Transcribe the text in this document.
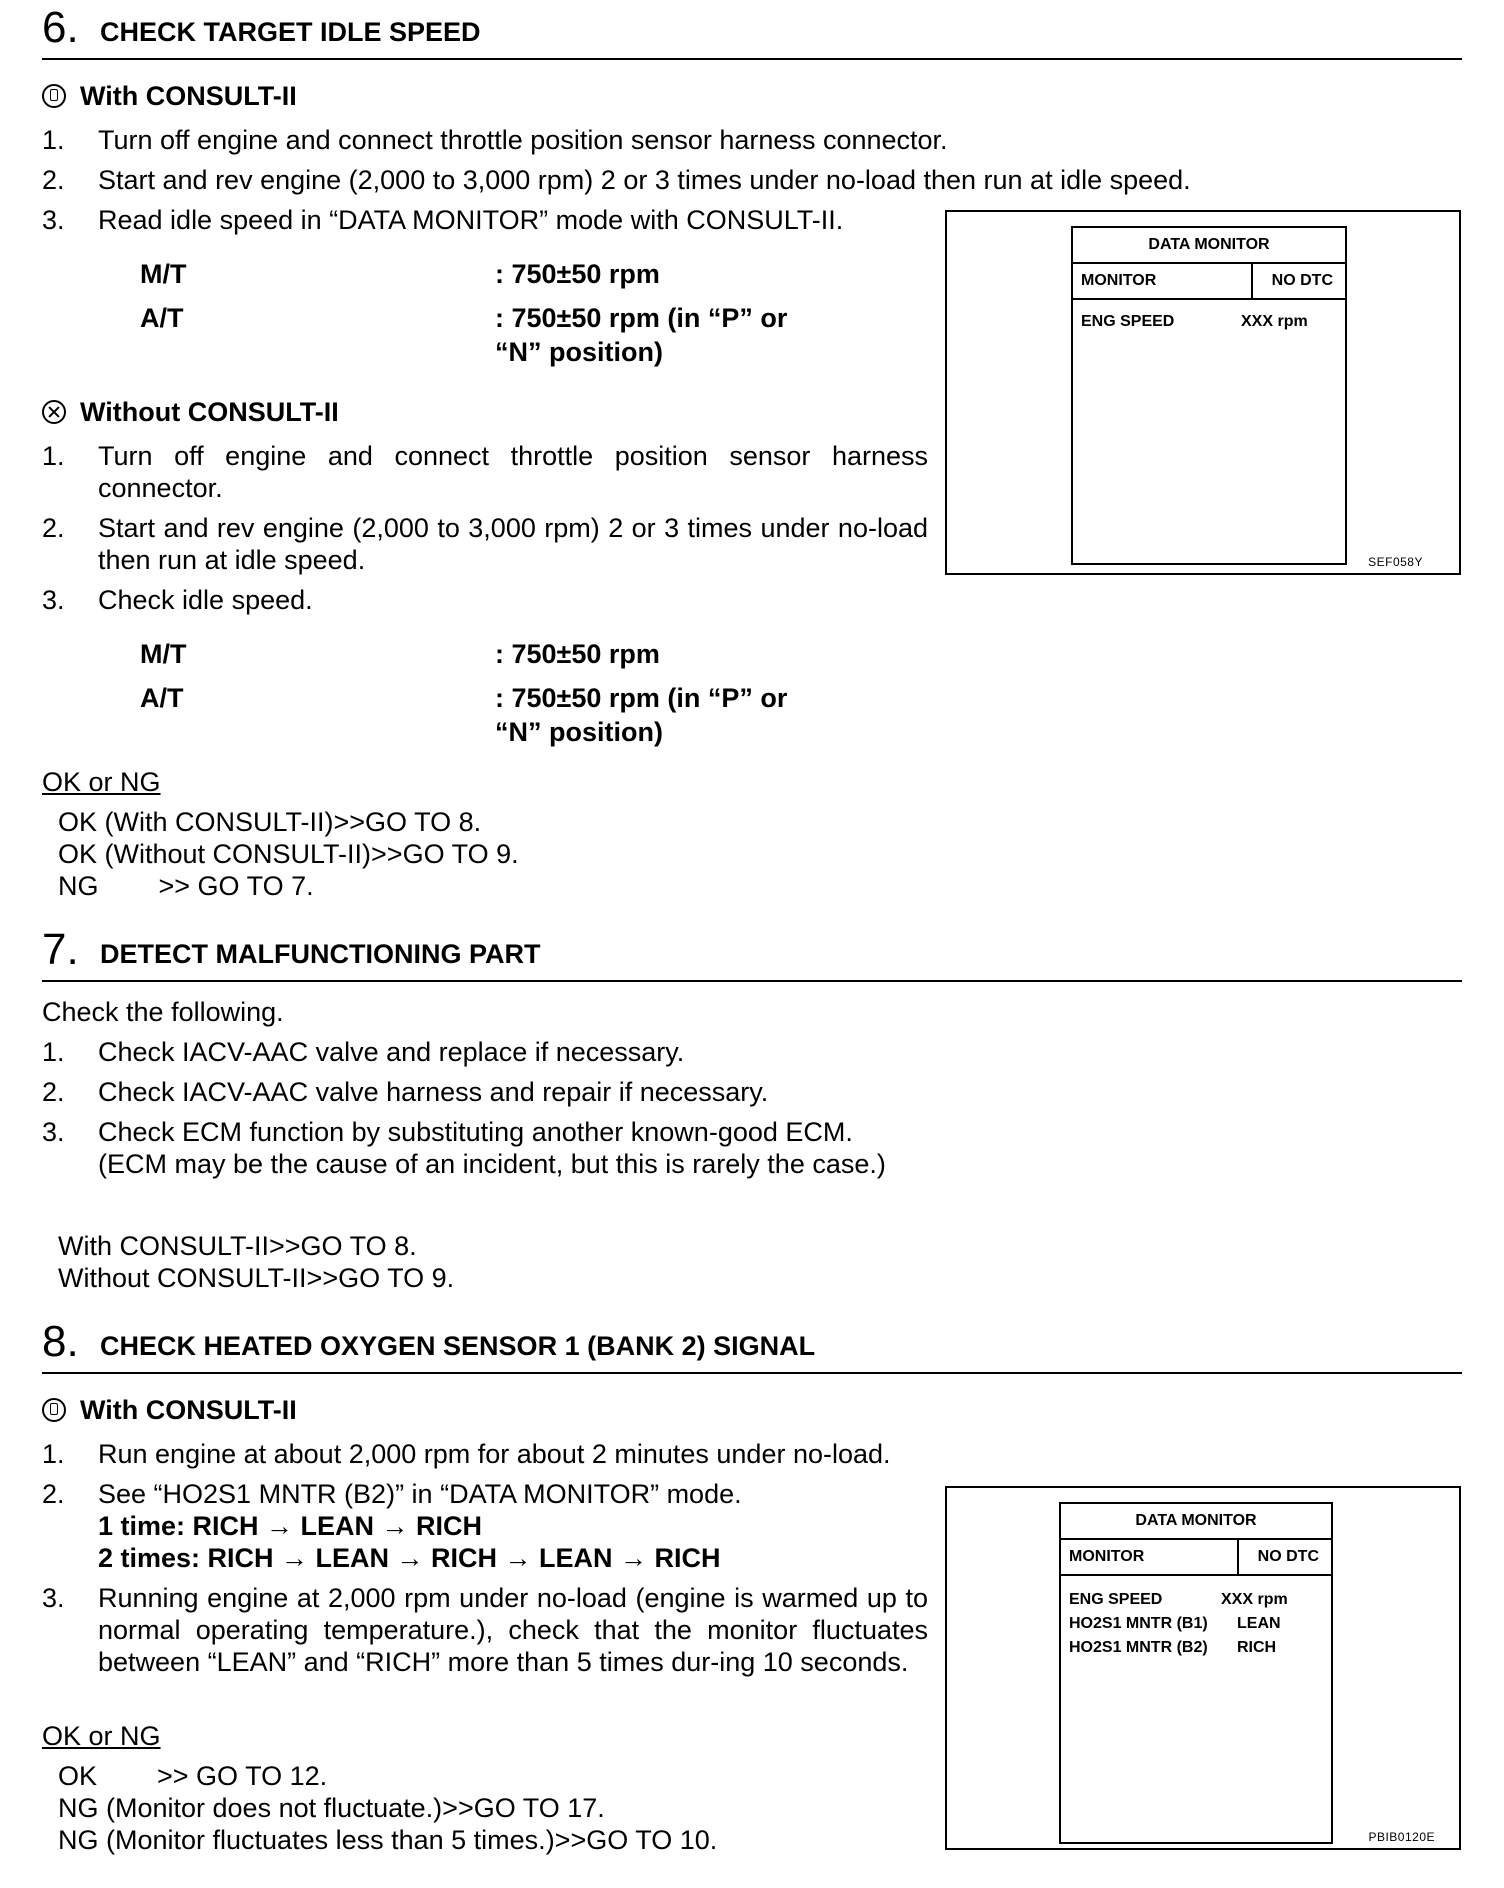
6. CHECK TARGET IDLE SPEED
With CONSULT-II
1. Turn off engine and connect throttle position sensor harness connector.
2. Start and rev engine (2,000 to 3,000 rpm) 2 or 3 times under no-load then run at idle speed.
3. Read idle speed in “DATA MONITOR” mode with CONSULT-II.
M/T	: 750±50 rpm
A/T	: 750±50 rpm (in “P” or
“N” position)
Without CONSULT-II
1. Turn off engine and connect throttle position sensor harness connector.
2. Start and rev engine (2,000 to 3,000 rpm) 2 or 3 times under no-load then run at idle speed.
3. Check idle speed.
M/T	: 750±50 rpm
A/T	: 750±50 rpm (in “P” or
“N” position)
OK or NG
OK (With CONSULT-II)>>GO TO 8.
OK (Without CONSULT-II)>>GO TO 9.
NG        >> GO TO 7.
DATA MONITOR
MONITOR	NO DTC
ENG SPEED	XXX rpm
SEF058Y
7. DETECT MALFUNCTIONING PART
Check the following.
1. Check IACV-AAC valve and replace if necessary.
2. Check IACV-AAC valve harness and repair if necessary.
3. Check ECM function by substituting another known-good ECM.
(ECM may be the cause of an incident, but this is rarely the case.)
With CONSULT-II>>GO TO 8.
Without CONSULT-II>>GO TO 9.
8. CHECK HEATED OXYGEN SENSOR 1 (BANK 2) SIGNAL
With CONSULT-II
1. Run engine at about 2,000 rpm for about 2 minutes under no-load.
2. See “HO2S1 MNTR (B2)” in “DATA MONITOR” mode.
1 time: RICH → LEAN → RICH
2 times: RICH → LEAN → RICH → LEAN → RICH
3. Running engine at 2,000 rpm under no-load (engine is warmed up to normal operating temperature.), check that the monitor fluctuates between “LEAN” and “RICH” more than 5 times dur-ing 10 seconds.
OK or NG
OK        >> GO TO 12.
NG (Monitor does not fluctuate.)>>GO TO 17.
NG (Monitor fluctuates less than 5 times.)>>GO TO 10.
DATA MONITOR
MONITOR	NO DTC
ENG SPEED	XXX rpm
HO2S1 MNTR (B1) LEAN
HO2S1 MNTR (B2) RICH
PBIB0120E
